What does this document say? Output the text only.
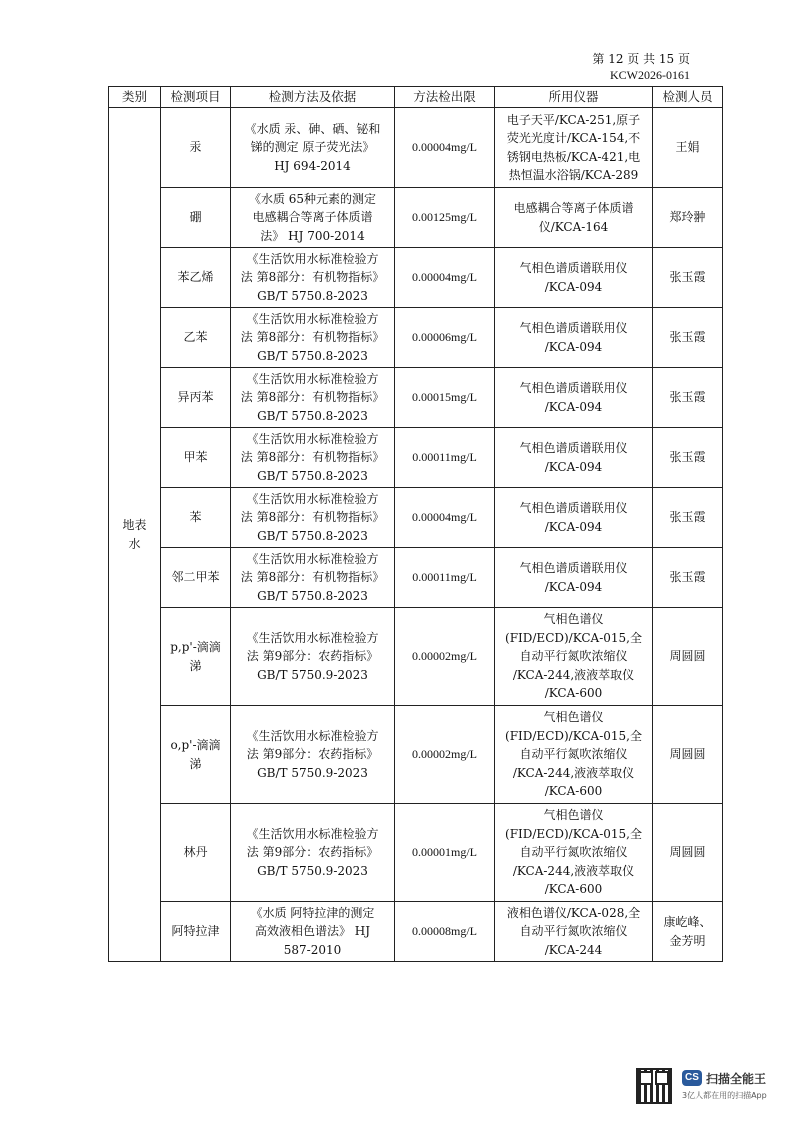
第 12 页 共 15 页
KCW2026-0161
类别	检测项目	检测方法及依据	方法检出限	所用仪器	检测人员
地表
水	汞	《水质 汞、砷、硒、铋和
锑的测定 原子荧光法》
HJ 694-2014	0.00004mg/L	电子天平/KCA-251,原子
荧光光度计/KCA-154,不
锈钢电热板/KCA-421,电
热恒温水浴锅/KCA-289	王娟
	硼	《水质 65种元素的测定
电感耦合等离子体质谱
法》 HJ 700-2014	0.00125mg/L	电感耦合等离子体质谱
仪/KCA-164	郑玲翀
	苯乙烯	《生活饮用水标准检验方
法 第8部分：有机物指标》
GB/T 5750.8-2023	0.00004mg/L	气相色谱质谱联用仪
/KCA-094	张玉霞
	乙苯	《生活饮用水标准检验方
法 第8部分：有机物指标》
GB/T 5750.8-2023	0.00006mg/L	气相色谱质谱联用仪
/KCA-094	张玉霞
	异丙苯	《生活饮用水标准检验方
法 第8部分：有机物指标》
GB/T 5750.8-2023	0.00015mg/L	气相色谱质谱联用仪
/KCA-094	张玉霞
	甲苯	《生活饮用水标准检验方
法 第8部分：有机物指标》
GB/T 5750.8-2023	0.00011mg/L	气相色谱质谱联用仪
/KCA-094	张玉霞
	苯	《生活饮用水标准检验方
法 第8部分：有机物指标》
GB/T 5750.8-2023	0.00004mg/L	气相色谱质谱联用仪
/KCA-094	张玉霞
	邻二甲苯	《生活饮用水标准检验方
法 第8部分：有机物指标》
GB/T 5750.8-2023	0.00011mg/L	气相色谱质谱联用仪
/KCA-094	张玉霞
	p,p'-滴滴
涕	《生活饮用水标准检验方
法 第9部分：农药指标》
GB/T 5750.9-2023	0.00002mg/L	气相色谱仪
(FID/ECD)/KCA-015,全
自动平行氮吹浓缩仪
/KCA-244,液液萃取仪
/KCA-600	周圆圆
	o,p'-滴滴
涕	《生活饮用水标准检验方
法 第9部分：农药指标》
GB/T 5750.9-2023	0.00002mg/L	气相色谱仪
(FID/ECD)/KCA-015,全
自动平行氮吹浓缩仪
/KCA-244,液液萃取仪
/KCA-600	周圆圆
	林丹	《生活饮用水标准检验方
法 第9部分：农药指标》
GB/T 5750.9-2023	0.00001mg/L	气相色谱仪
(FID/ECD)/KCA-015,全
自动平行氮吹浓缩仪
/KCA-244,液液萃取仪
/KCA-600	周圆圆
	阿特拉津	《水质 阿特拉津的测定
高效液相色谱法》 HJ
587-2010	0.00008mg/L	液相色谱仪/KCA-028,全
自动平行氮吹浓缩仪
/KCA-244	康屹峰、
金芳明
CS 扫描全能王
3亿人都在用的扫描App
